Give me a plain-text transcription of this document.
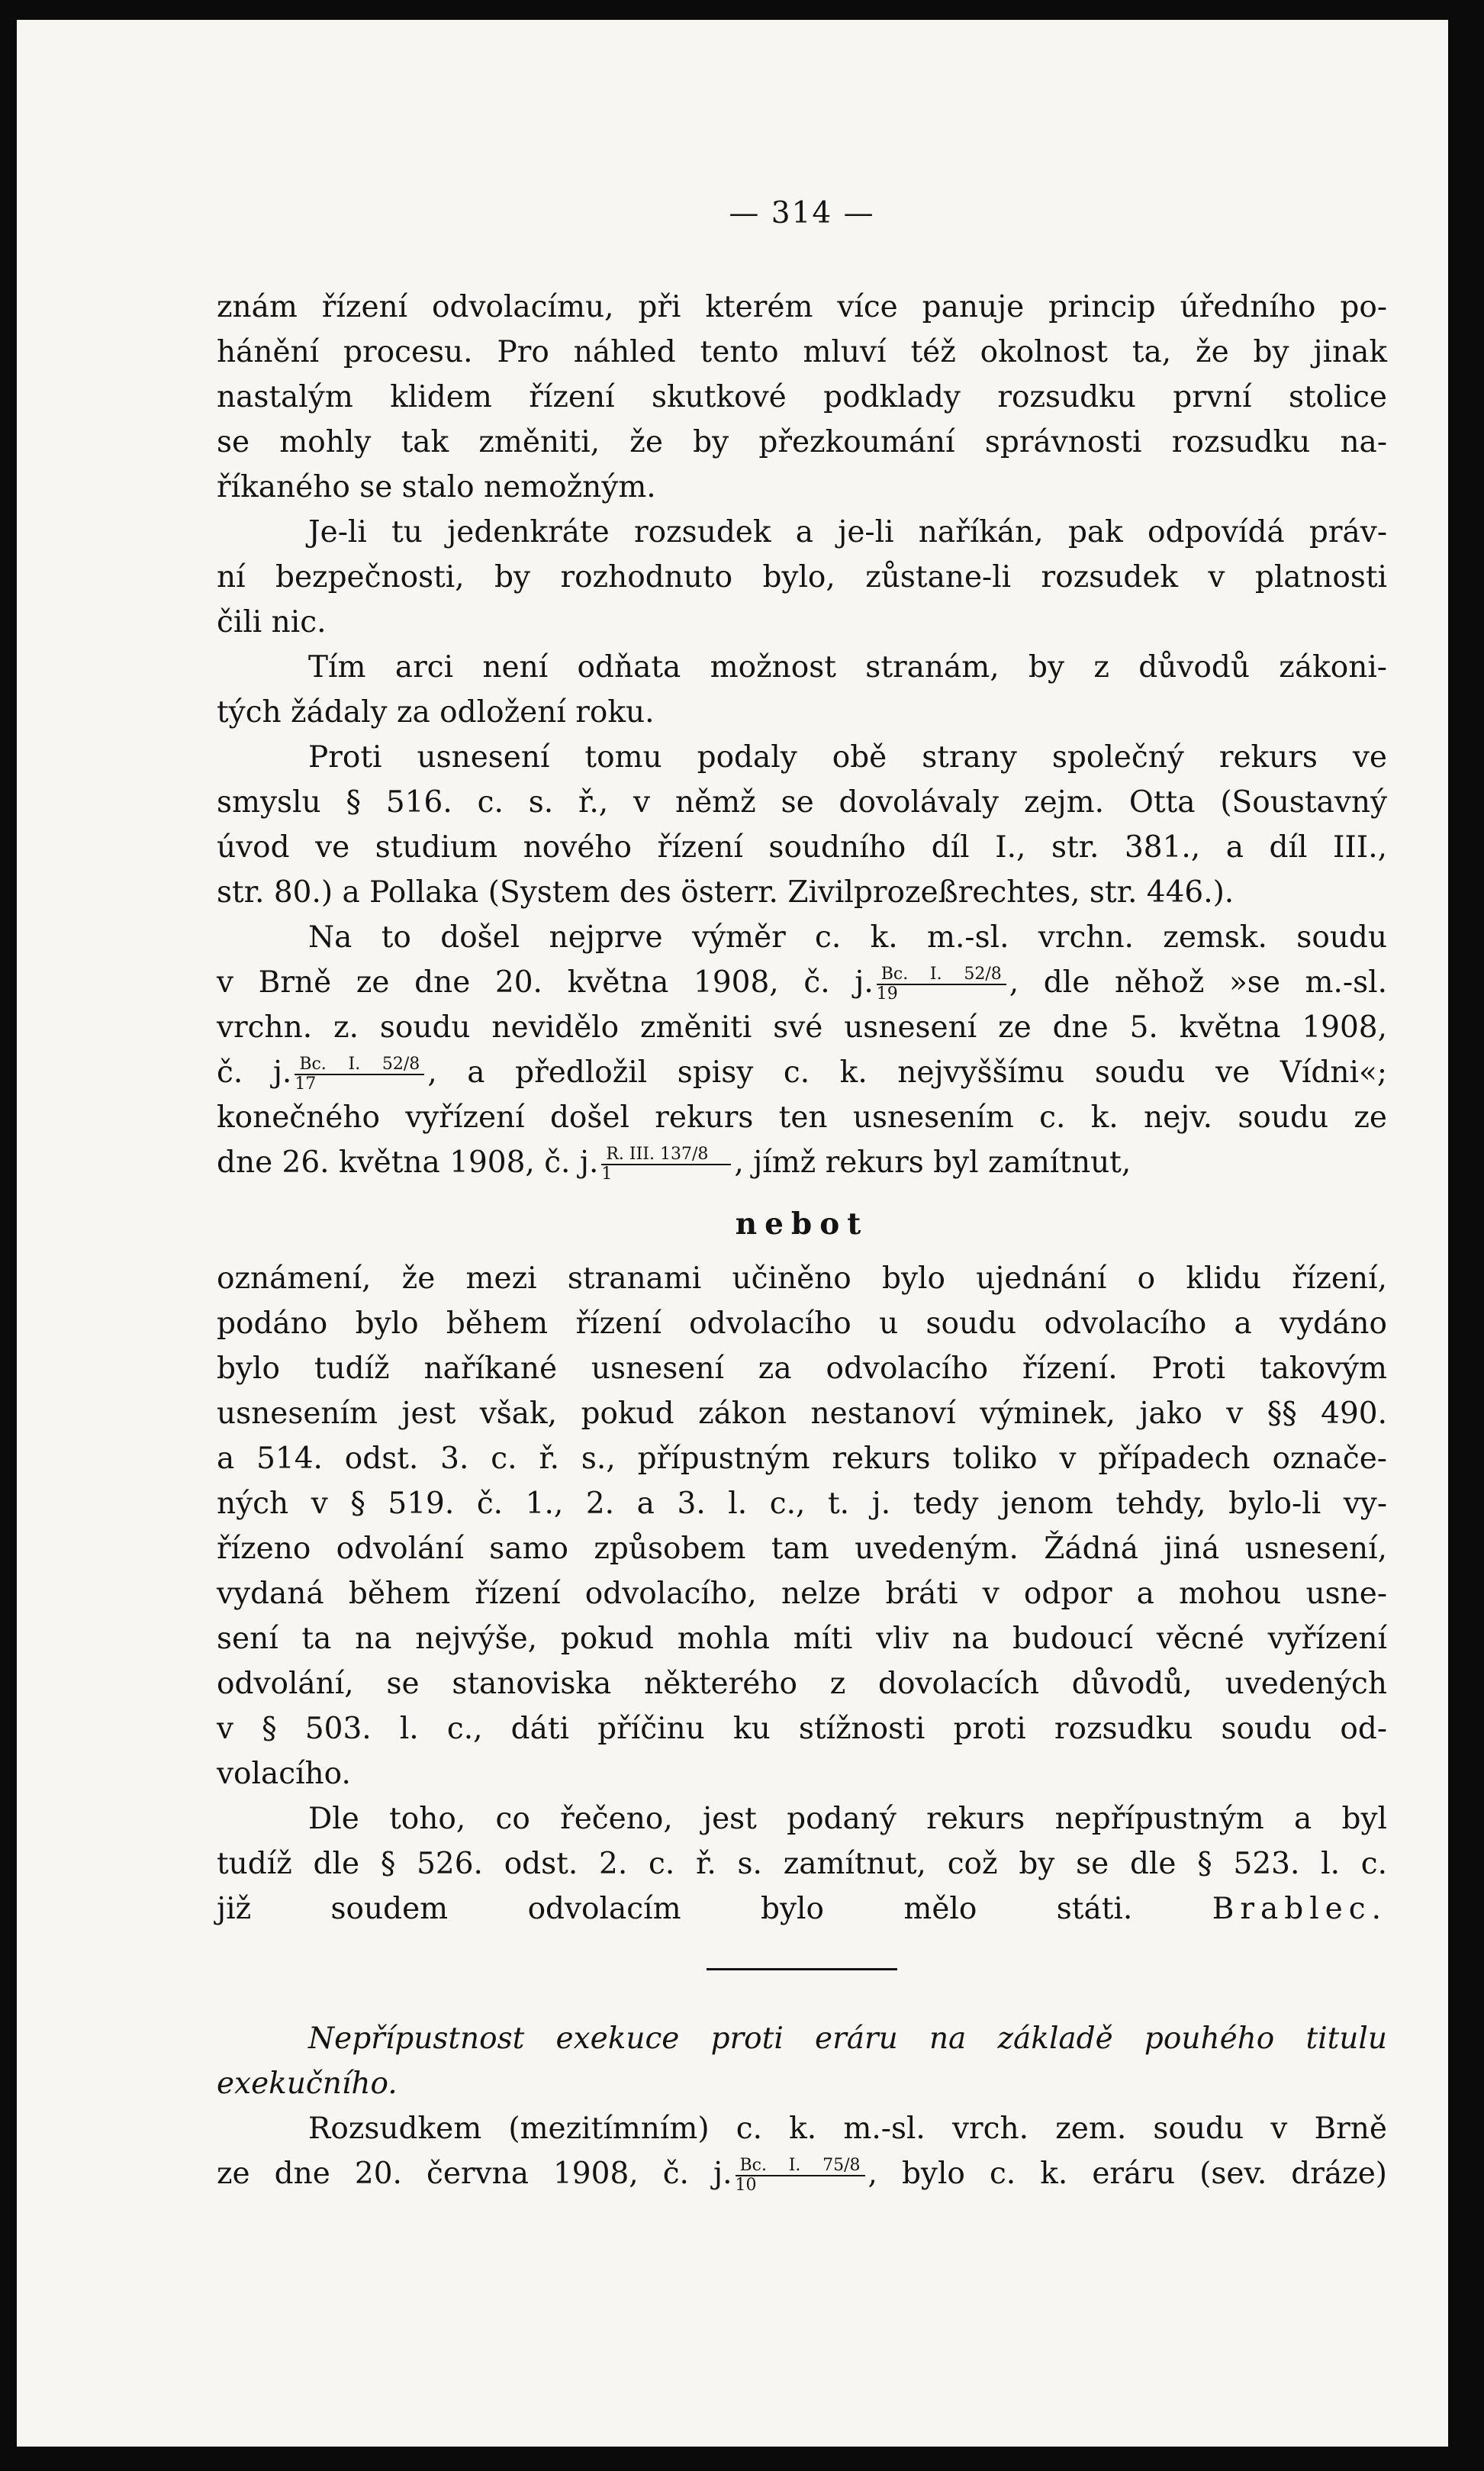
— 314 —
znám řízení odvolacímu, při kterém více panuje princip úředního po-
hánění procesu. Pro náhled tento mluví též okolnost ta, že by jinak
nastalým klidem řízení skutkové podklady rozsudku první stolice
se mohly tak změniti, že by přezkoumání správnosti rozsudku na-
říkaného se stalo nemožným.
Je-li tu jedenkráte rozsudek a je-li naříkán, pak odpovídá práv-
ní bezpečnosti, by rozhodnuto bylo, zůstane-li rozsudek v platnosti
čili nic.
Tím arci není odňata možnost stranám, by z důvodů zákoni-
tých žádaly za odložení roku.
Proti usnesení tomu podaly obě strany společný rekurs ve
smyslu § 516. c. s. ř., v němž se dovolávaly zejm. Otta (Soustavný
úvod ve studium nového řízení soudního díl I., str. 381., a díl III.,
str. 80.) a Pollaka (System des österr. Zivilprozeßrechtes, str. 446.).
Na to došel nejprve výměr c. k. m.-sl. vrchn. zemsk. soudu
v Brně ze dne 20. května 1908, č. j. $\frac{Bc. I. 52/8}{19}$ , dle něhož »se m.-sl.
vrchn. z. soudu nevidělo změniti své usnesení ze dne 5. května 1908,
č. j. $\frac{Bc. I. 52/8}{17}$ , a předložil spisy c. k. nejvyššímu soudu ve Vídni«;
konečného vyřízení došel rekurs ten usnesením c. k. nejv. soudu ze
dne 26. května 1908, č. j. $\frac{\text{R. III. 137/8}}{1}$ , jímž rekurs byl zamítnut,
nebot
oznámení, že mezi stranami učiněno bylo ujednání o klidu řízení,
podáno bylo během řízení odvolacího u soudu odvolacího a vydáno
bylo tudíž naříkané usnesení za odvolacího řízení. Proti takovým
usnesením jest však, pokud zákon nestanoví výminek, jako v §§ 490.
a 514. odst. 3. c. ř. s., přípustným rekurs toliko v případech označe-
ných v § 519. č. 1., 2. a 3. l. c., t. j. tedy jenom tehdy, bylo-li vy-
řízeno odvolání samo způsobem tam uvedeným. Žádná jiná usnesení,
vydaná během řízení odvolacího, nelze bráti v odpor a mohou usne-
sení ta na nejvýše, pokud mohla míti vliv na budoucí věcné vyřízení
odvolání, se stanoviska některého z dovolacích důvodů, uvedených
v § 503. l. c., dáti příčinu ku stížnosti proti rozsudku soudu od-
volacího.
Dle toho, co řečeno, jest podaný rekurs nepřípustným a byl
tudíž dle § 526. odst. 2. c. ř. s. zamítnut, což by se dle § 523. l. c.
již soudem odvolacím bylo mělo státi.	Brablec.
Nepřípustnost exekuce proti eráru na základě pouhého titulu
exekučního.
Rozsudkem (mezitímním) c. k. m.-sl. vrch. zem. soudu v Brně
ze dne 20. června 1908, č. j. $\frac{Bc. I. 75/8}{10}$ , bylo c. k. eráru (sev. dráze)
